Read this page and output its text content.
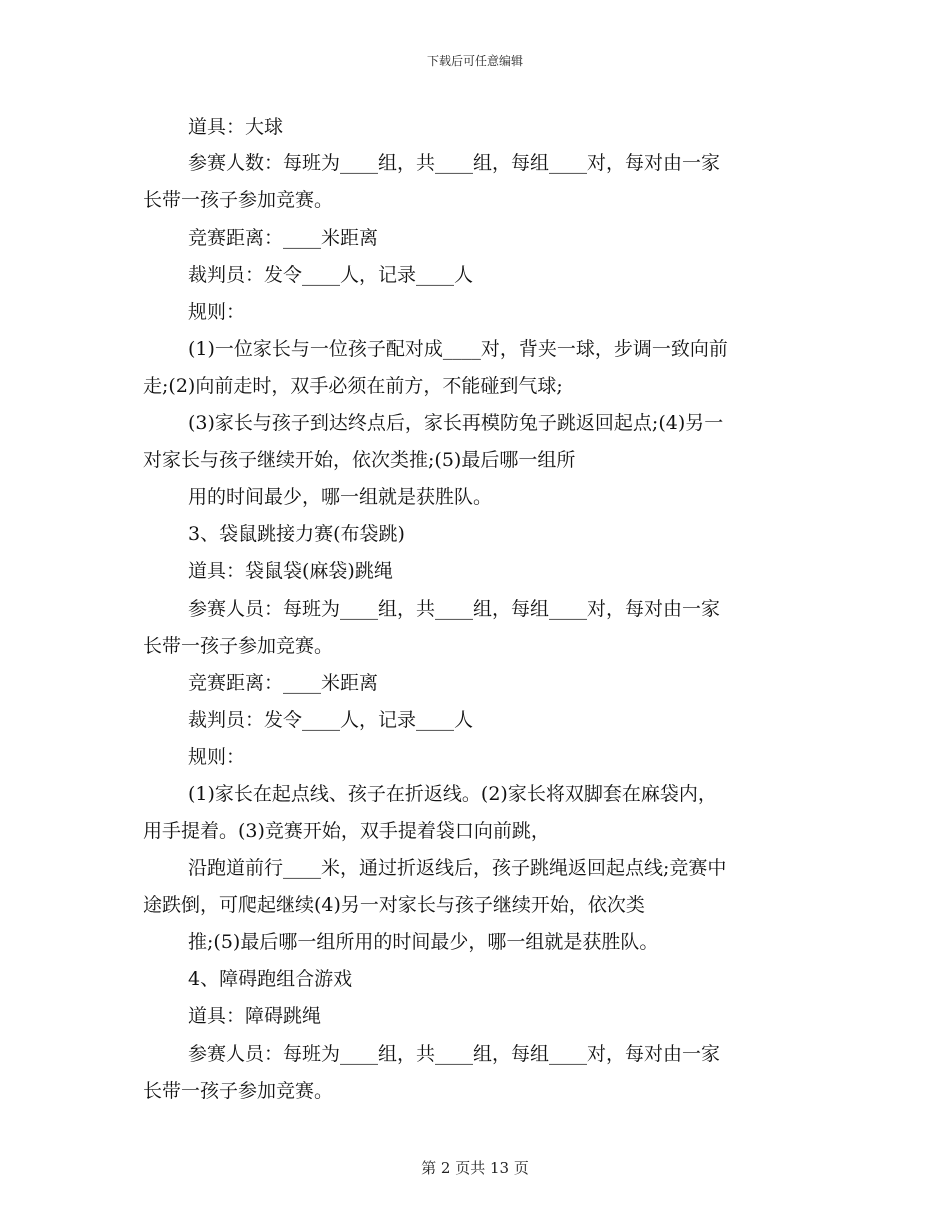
下载后可任意编辑
道具：大球
参赛人数：每班为____组，共____组，每组____对，每对由一家
长带一孩子参加竞赛。
竞赛距离：____米距离
裁判员：发令____人，记录____人
规则：
(1)一位家长与一位孩子配对成____对，背夹一球，步调一致向前
走;(2)向前走时，双手必须在前方，不能碰到气球;
(3)家长与孩子到达终点后，家长再模防兔子跳返回起点;(4)另一
对家长与孩子继续开始，依次类推;(5)最后哪一组所
用的时间最少，哪一组就是获胜队。
3、袋鼠跳接力赛(布袋跳)
道具：袋鼠袋(麻袋)跳绳
参赛人员：每班为____组，共____组，每组____对，每对由一家
长带一孩子参加竞赛。
竞赛距离：____米距离
裁判员：发令____人，记录____人
规则：
(1)家长在起点线、孩子在折返线。(2)家长将双脚套在麻袋内，
用手提着。(3)竞赛开始，双手提着袋口向前跳，
沿跑道前行____米，通过折返线后，孩子跳绳返回起点线;竞赛中
途跌倒，可爬起继续(4)另一对家长与孩子继续开始，依次类
推;(5)最后哪一组所用的时间最少，哪一组就是获胜队。
4、障碍跑组合游戏
道具：障碍跳绳
参赛人员：每班为____组，共____组，每组____对，每对由一家
长带一孩子参加竞赛。
第 2 页共 13 页
